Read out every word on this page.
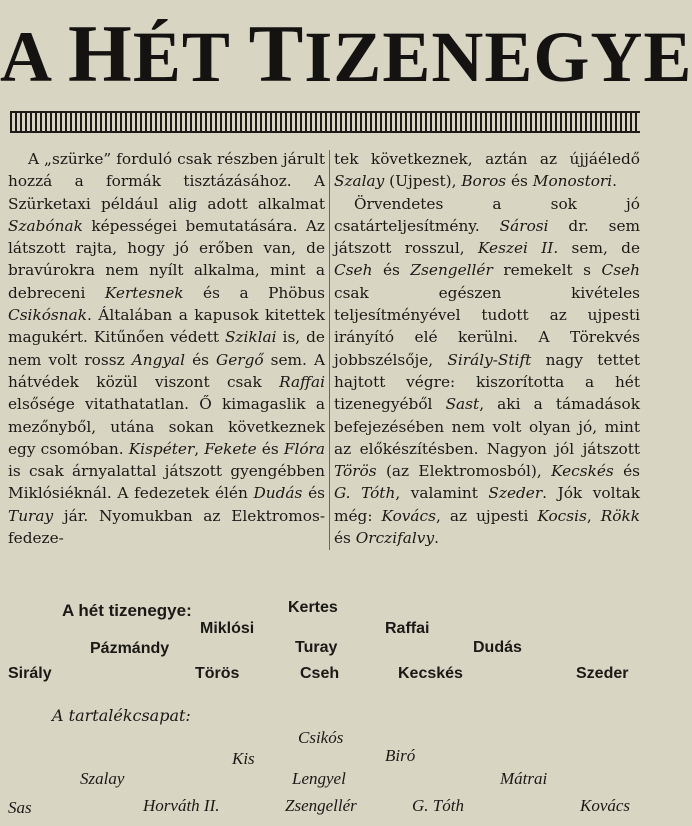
A HÉT TIZENEGYE

A „szürke” forduló csak részben járult hozzá a formák tisztázásához. A Szürketaxi például alig adott alkalmat Szabónak képességei bemutatására. Az látszott rajta, hogy jó erőben van, de bravúrokra nem nyílt alkalma, mint a debreceni Kertesnek és a Phöbus Csikósnak. Általában a kapusok kitettek magukért. Kitűnően védett Sziklai is, de nem volt rossz Angyal és Gergő sem. A hátvédek közül viszont csak Raffai elsősége vitathatatlan. Ő kimagaslik a mezőnyből, utána sokan következnek egy csomóban. Kispéter, Fekete és Flóra is csak árnyalattal játszott gyengébben Miklósiéknál. A fedezetek élén Dudás és Turay jár. Nyomukban az Elektromos-fedeze-

tek következnek, aztán az újjáéledő Szalay (Ujpest), Boros és Monostori.

Örvendetes a sok jó csatárteljesítmény. Sárosi dr. sem játszott rosszul, Keszei II. sem, de Cseh és Zsengellér remekelt s Cseh csak egészen kivételes teljesítményével tudott az ujpesti irányító elé kerülni. A Törekvés jobbszélsője, Sirály-Stift nagy tettet hajtott végre: kiszorította a hét tizenegyéből Sast, aki a támadások befejezésében nem volt olyan jó, mint az előkészítésben. Nagyon jól játszott Törös (az Elektromosból), Kecskés és G. Tóth, valamint Szeder. Jók voltak még: Kovács, az ujpesti Kocsis, Rökk és Orczifalvy.

A hét tizenegye:	Kertes
Miklósi	Raffai
Pázmándy	Turay	Dudás
Sirály	Törös	Cseh	Kecskés	Szeder
A tartalékcsapat:
Csikós
Kis	Biró
Szalay	Lengyel	Mátrai
Sas	Horváth II.	Zsengellér	G. Tóth	Kovács
